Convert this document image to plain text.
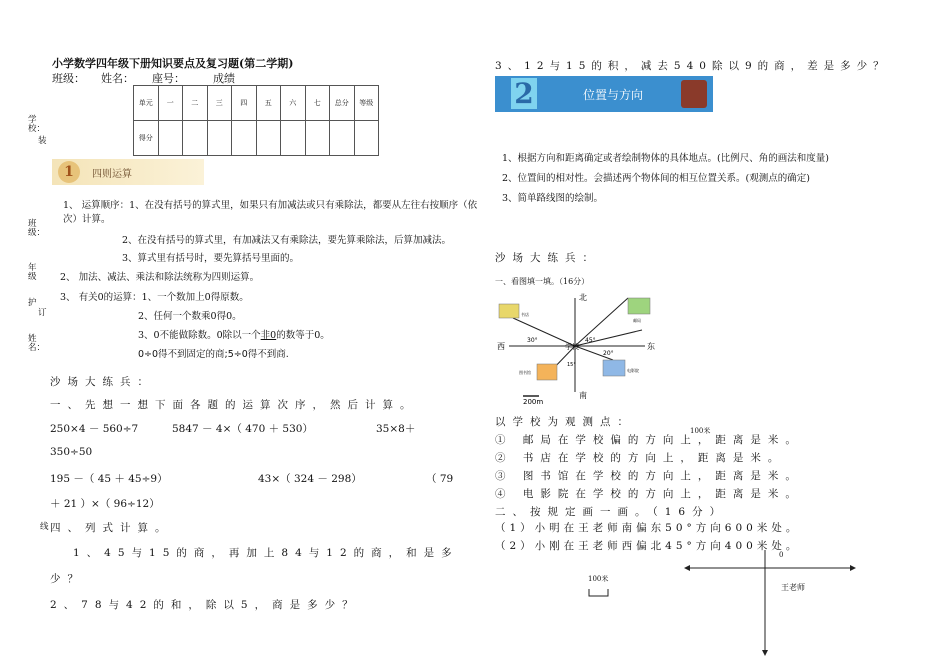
小学数学四年级下册知识要点及复习题(第二学期)
班级： 姓名： 座号：	成绩
单元	一	二	三	四	五	六	七	总分	等级
得分									
学校：
装
班级：
年级
护
订
姓名：
线
1	四则运算
1、 运算顺序：1、在没有括号的算式里，如果只有加减法或只有乘除法，都要从左往右按顺序（依
次）计算。
2、在没有括号的算式里，有加减法又有乘除法，要先算乘除法，后算加减法。
3、算式里有括号时，要先算括号里面的。
2、 加法、减法、乘法和除法统称为四则运算。
3、 有关0的运算：1、一个数加上0得原数。
2、任何一个数乘0得0。
3、0不能做除数。0除以一个非0的数等于0。
0÷0得不到固定的商;5÷0得不到商.
沙场大练兵：
一、先想一想下面各题的运算次序，然后计算。
250×4 － 560÷7	5847 － 4×（ 470 ＋ 530）	35×8＋
350÷50
195 －（ 45 ＋ 45÷9）	43×（ 324 － 298）	（ 79
＋ 21 ）×（ 96÷12）
四、列式计算。
1、45与15的商，再加上84与12的商，和是多
少？
2、78与42的和，除以5，商是多少？
3、12与15的积，减去540除以9的商，差是多少？
2	位置与方向
1、根据方向和距离确定或者绘制物体的具体地点。(比例尺、角的画法和度量)
2、位置间的相对性。会描述两个物体间的相互位置关系。(观测点的确定)
3、简单路线图的绘制。
沙场大练兵：
一、看图填一填。（16分）
北
南
西	东
学校
30°	45°
20°
15°
书店
邮局
图书馆	电影院
200m
以学校为观测点：
100米
① 邮局在学校偏的方向上，距离是米。
② 书店在学校的方向上，距离是米。
③ 图书馆在学校的方向上，距离是米。
④ 电影院在学校的方向上，距离是米。
二、按规定画一画。（16分）
（1）小明在王老师南偏东50°方向600米处。
（2）小刚在王老师西偏北45°方向400米处。
0
100米
王老师
